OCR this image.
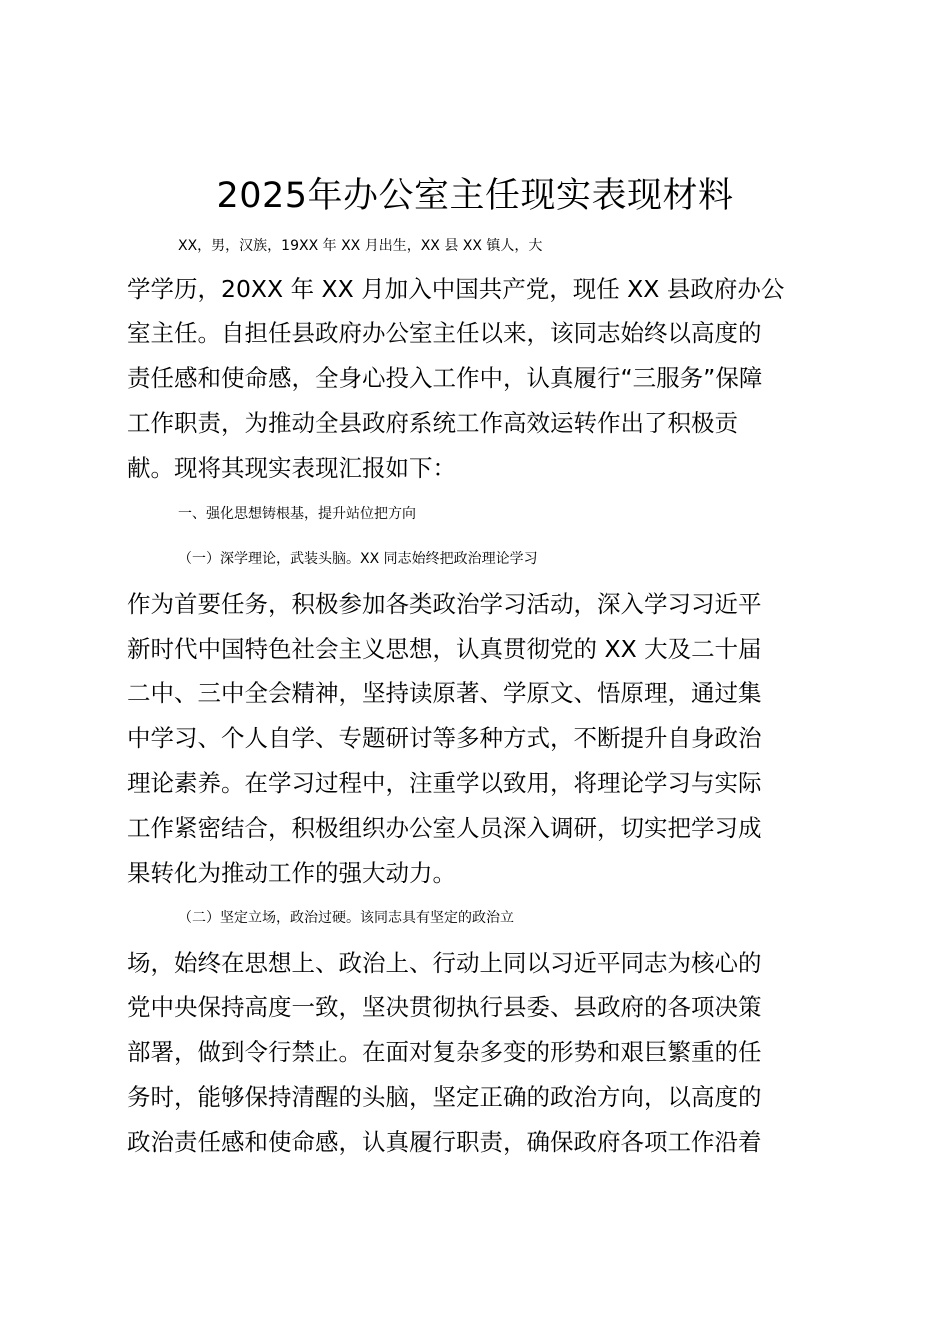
2025年办公室主任现实表现材料
XX，男，汉族，19XX 年 XX 月出生，XX 县 XX 镇人，大
学学历，20XX 年 XX 月加入中国共产党，现任 XX 县政府办公
室主任。自担任县政府办公室主任以来，该同志始终以高度的
责任感和使命感，全身心投入工作中，认真履行“三服务”保障
工作职责，为推动全县政府系统工作高效运转作出了积极贡
献。现将其现实表现汇报如下：
一、强化思想铸根基，提升站位把方向
（一）深学理论，武装头脑。XX 同志始终把政治理论学习
作为首要任务，积极参加各类政治学习活动，深入学习习近平
新时代中国特色社会主义思想，认真贯彻党的 XX 大及二十届
二中、三中全会精神，坚持读原著、学原文、悟原理，通过集
中学习、个人自学、专题研讨等多种方式，不断提升自身政治
理论素养。在学习过程中，注重学以致用，将理论学习与实际
工作紧密结合，积极组织办公室人员深入调研，切实把学习成
果转化为推动工作的强大动力。
（二）坚定立场，政治过硬。该同志具有坚定的政治立
场，始终在思想上、政治上、行动上同以习近平同志为核心的
党中央保持高度一致，坚决贯彻执行县委、县政府的各项决策
部署，做到令行禁止。在面对复杂多变的形势和艰巨繁重的任
务时，能够保持清醒的头脑，坚定正确的政治方向，以高度的
政治责任感和使命感，认真履行职责，确保政府各项工作沿着
